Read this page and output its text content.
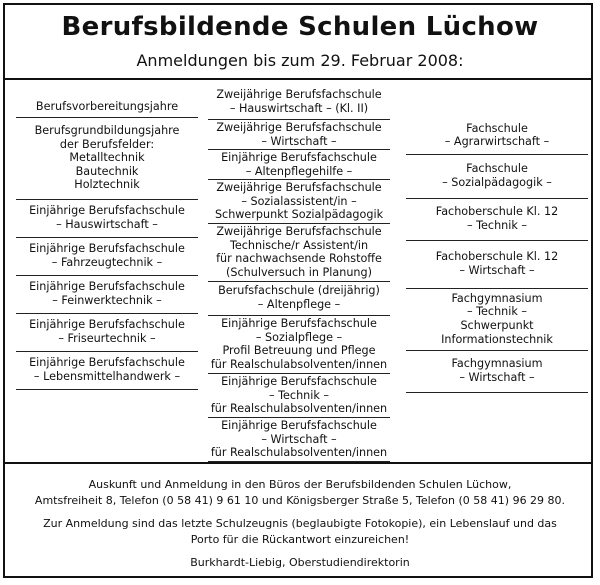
Berufsbildende Schulen Lüchow
Anmeldungen bis zum 29. Februar 2008:
Berufsvorbereitungsjahre
Berufsgrundbildungsjahre
der Berufsfelder:
Metalltechnik
Bautechnik
Holztechnik
Einjährige Berufsfachschule
– Hauswirtschaft –
Einjährige Berufsfachschule
– Fahrzeugtechnik –
Einjährige Berufsfachschule
– Feinwerktechnik –
Einjährige Berufsfachschule
– Friseurtechnik –
Einjährige Berufsfachschule
– Lebensmittelhandwerk –
Zweijährige Berufsfachschule
– Hauswirtschaft – (Kl. II)
Zweijährige Berufsfachschule
– Wirtschaft –
Einjährige Berufsfachschule
– Altenpflegehilfe –
Zweijährige Berufsfachschule
– Sozialassistent/in –
Schwerpunkt Sozialpädagogik
Zweijährige Berufsfachschule
Technische/r Assistent/in
für nachwachsende Rohstoffe
(Schulversuch in Planung)
Berufsfachschule (dreijährig)
– Altenpflege –
Einjährige Berufsfachschule
– Sozialpflege –
Profil Betreuung und Pflege
für Realschulabsolventen/innen
Einjährige Berufsfachschule
– Technik –
für Realschulabsolventen/innen
Einjährige Berufsfachschule
– Wirtschaft –
für Realschulabsolventen/innen
Fachschule
– Agrarwirtschaft –
Fachschule
– Sozialpädagogik –
Fachoberschule Kl. 12
– Technik –
Fachoberschule Kl. 12
– Wirtschaft –
Fachgymnasium
– Technik –
Schwerpunkt
Informationstechnik
Fachgymnasium
– Wirtschaft –
Auskunft und Anmeldung in den Büros der Berufsbildenden Schulen Lüchow,
Amtsfreiheit 8, Telefon (0 58 41) 9 61 10 und Königsberger Straße 5, Telefon (0 58 41) 96 29 80.
Zur Anmeldung sind das letzte Schulzeugnis (beglaubigte Fotokopie), ein Lebenslauf und das
Porto für die Rückantwort einzureichen!
Burkhardt-Liebig, Oberstudiendirektorin
